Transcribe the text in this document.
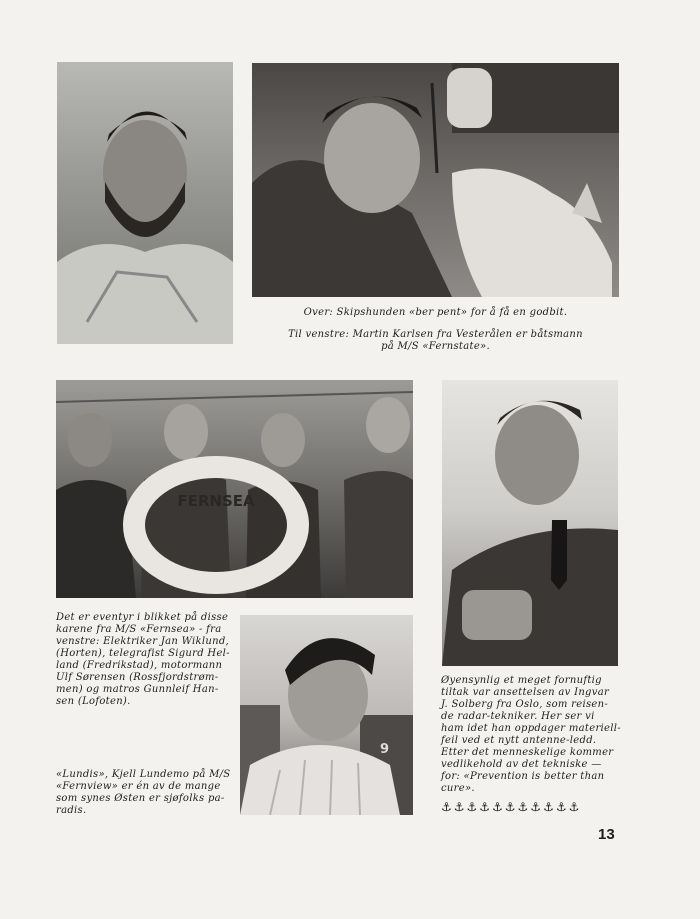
Over: Skipshunden «ber pent» for å få en godbit.

Til venstre: Martin Karlsen fra Vesterålen er båtsmann

på M/S «Fernstate».

FERNSEA
Det er eventyr i blikket på disse
karene fra M/S «Fernsea» - fra
venstre: Elektriker Jan Wiklund,
(Horten), telegrafist Sigurd Hel-
land (Fredrikstad), motormann
Ulf Sørensen (Rossfjordstrøm-
men) og matros Gunnleif Han-
sen (Lofoten).
9
«Lundis», Kjell Lundemo på M/S
«Fernview» er én av de mange
som synes Østen er sjøfolks pa-
radis.
Øyensynlig et meget fornuftig
tiltak var ansettelsen av Ingvar
J. Solberg fra Oslo, som reisen-
de radar-tekniker. Her ser vi
ham idet han oppdager materiell-
feil ved et nytt antenne-ledd.
Etter det menneskelige kommer
vedlikehold av det tekniske —
for: «Prevention is better than
cure».
⚓⚓⚓⚓⚓⚓⚓⚓⚓⚓⚓
13
